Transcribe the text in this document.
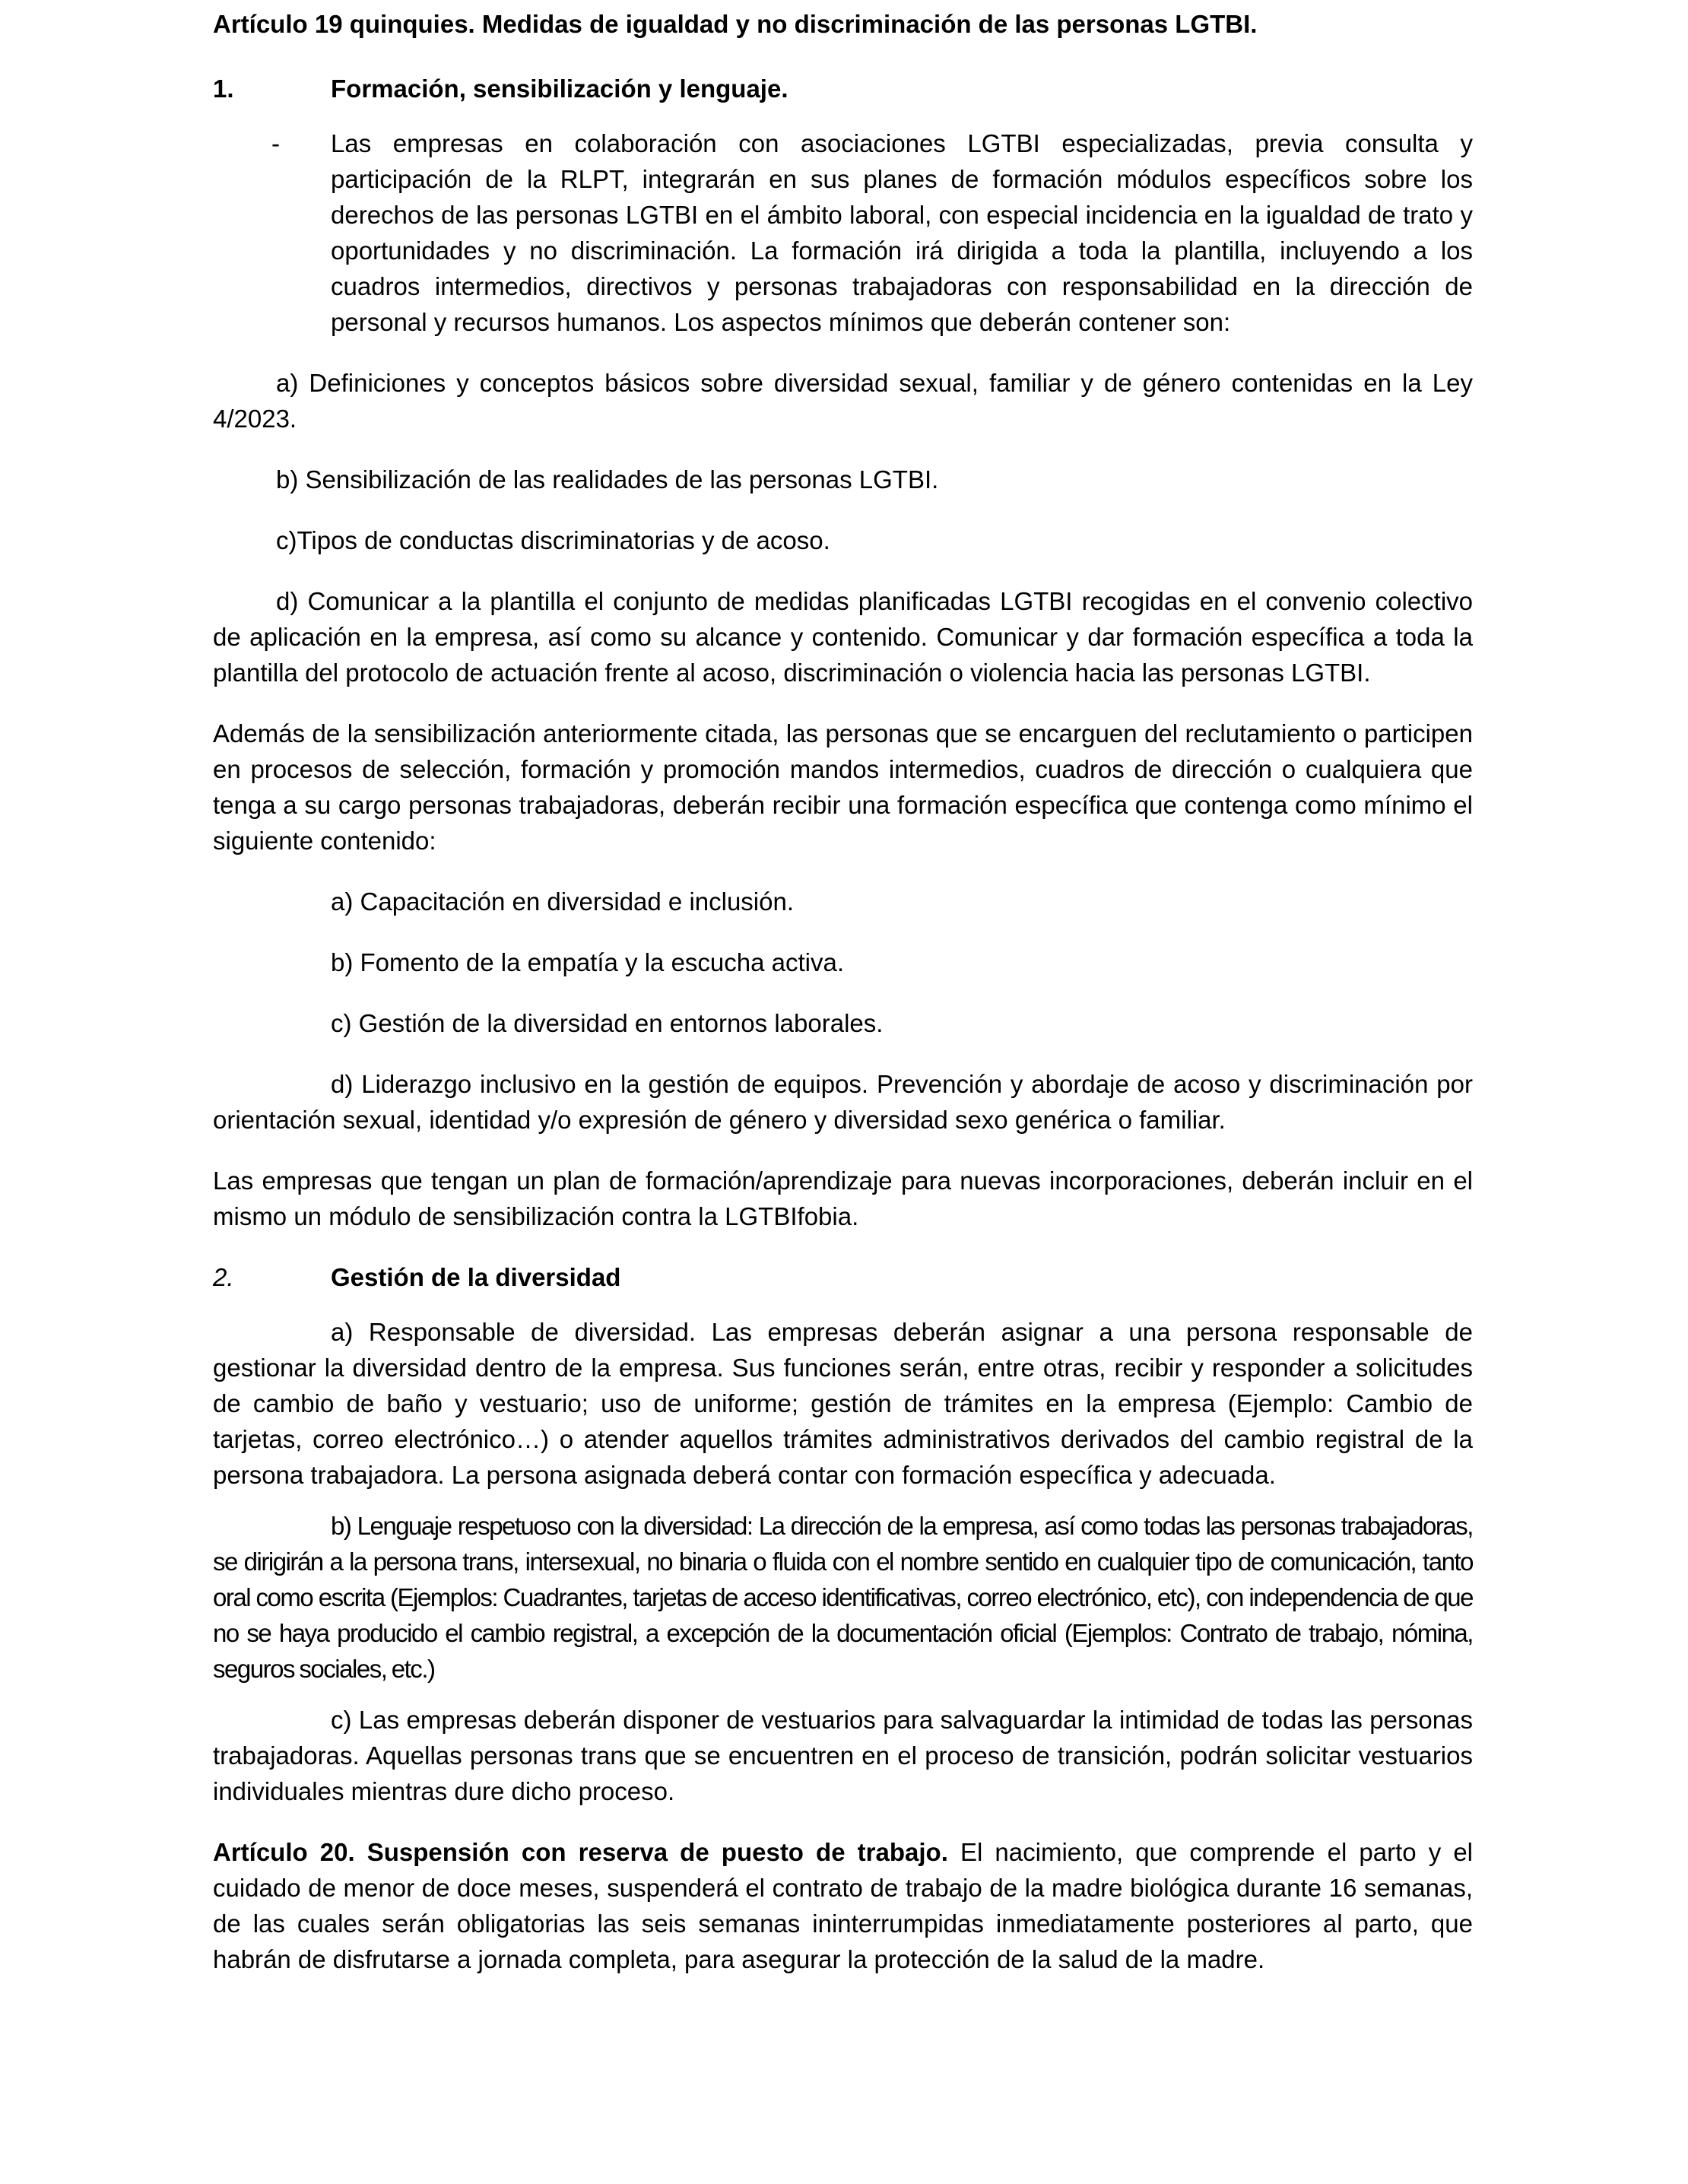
Artículo 19 quinquies. Medidas de igualdad y no discriminación de las personas LGTBI.

1.	Formación, sensibilización y lenguaje.

- Las empresas en colaboración con asociaciones LGTBI especializadas, previa consulta y participación de la RLPT, integrarán en sus planes de formación módulos específicos sobre los derechos de las personas LGTBI en el ámbito laboral, con especial incidencia en la igualdad de trato y oportunidades y no discriminación. La formación irá dirigida a toda la plantilla, incluyendo a los cuadros intermedios, directivos y personas trabajadoras con responsabilidad en la dirección de personal y recursos humanos. Los aspectos mínimos que deberán contener son:

a) Definiciones y conceptos básicos sobre diversidad sexual, familiar y de género contenidas en la Ley 4/2023.

b) Sensibilización de las realidades de las personas LGTBI.

c)Tipos de conductas discriminatorias y de acoso.

d) Comunicar a la plantilla el conjunto de medidas planificadas LGTBI recogidas en el convenio colectivo de aplicación en la empresa, así como su alcance y contenido. Comunicar y dar formación específica a toda la plantilla del protocolo de actuación frente al acoso, discriminación o violencia hacia las personas LGTBI.

Además de la sensibilización anteriormente citada, las personas que se encarguen del reclutamiento o participen en procesos de selección, formación y promoción mandos intermedios, cuadros de dirección o cualquiera que tenga a su cargo personas trabajadoras, deberán recibir una formación específica que contenga como mínimo el siguiente contenido:

a) Capacitación en diversidad e inclusión.

b) Fomento de la empatía y la escucha activa.

c) Gestión de la diversidad en entornos laborales.

d) Liderazgo inclusivo en la gestión de equipos. Prevención y abordaje de acoso y discriminación por orientación sexual, identidad y/o expresión de género y diversidad sexo genérica o familiar.

Las empresas que tengan un plan de formación/aprendizaje para nuevas incorporaciones, deberán incluir en el mismo un módulo de sensibilización contra la LGTBIfobia.

2.	Gestión de la diversidad

a) Responsable de diversidad. Las empresas deberán asignar a una persona responsable de gestionar la diversidad dentro de la empresa. Sus funciones serán, entre otras, recibir y responder a solicitudes de cambio de baño y vestuario; uso de uniforme; gestión de trámites en la empresa (Ejemplo: Cambio de tarjetas, correo electrónico…) o atender aquellos trámites administrativos derivados del cambio registral de la persona trabajadora. La persona asignada deberá contar con formación específica y adecuada.

b) Lenguaje respetuoso con la diversidad: La dirección de la empresa, así como todas las personas trabajadoras, se dirigirán a la persona trans, intersexual, no binaria o fluida con el nombre sentido en cualquier tipo de comunicación, tanto oral como escrita (Ejemplos: Cuadrantes, tarjetas de acceso identificativas, correo electrónico, etc), con independencia de que no se haya producido el cambio registral, a excepción de la documentación oficial (Ejemplos: Contrato de trabajo, nómina, seguros sociales, etc.)

c) Las empresas deberán disponer de vestuarios para salvaguardar la intimidad de todas las personas trabajadoras. Aquellas personas trans que se encuentren en el proceso de transición, podrán solicitar vestuarios individuales mientras dure dicho proceso.

Artículo 20. Suspensión con reserva de puesto de trabajo. El nacimiento, que comprende el parto y el cuidado de menor de doce meses, suspenderá el contrato de trabajo de la madre biológica durante 16 semanas, de las cuales serán obligatorias las seis semanas ininterrumpidas inmediatamente posteriores al parto, que habrán de disfrutarse a jornada completa, para asegurar la protección de la salud de la madre.
